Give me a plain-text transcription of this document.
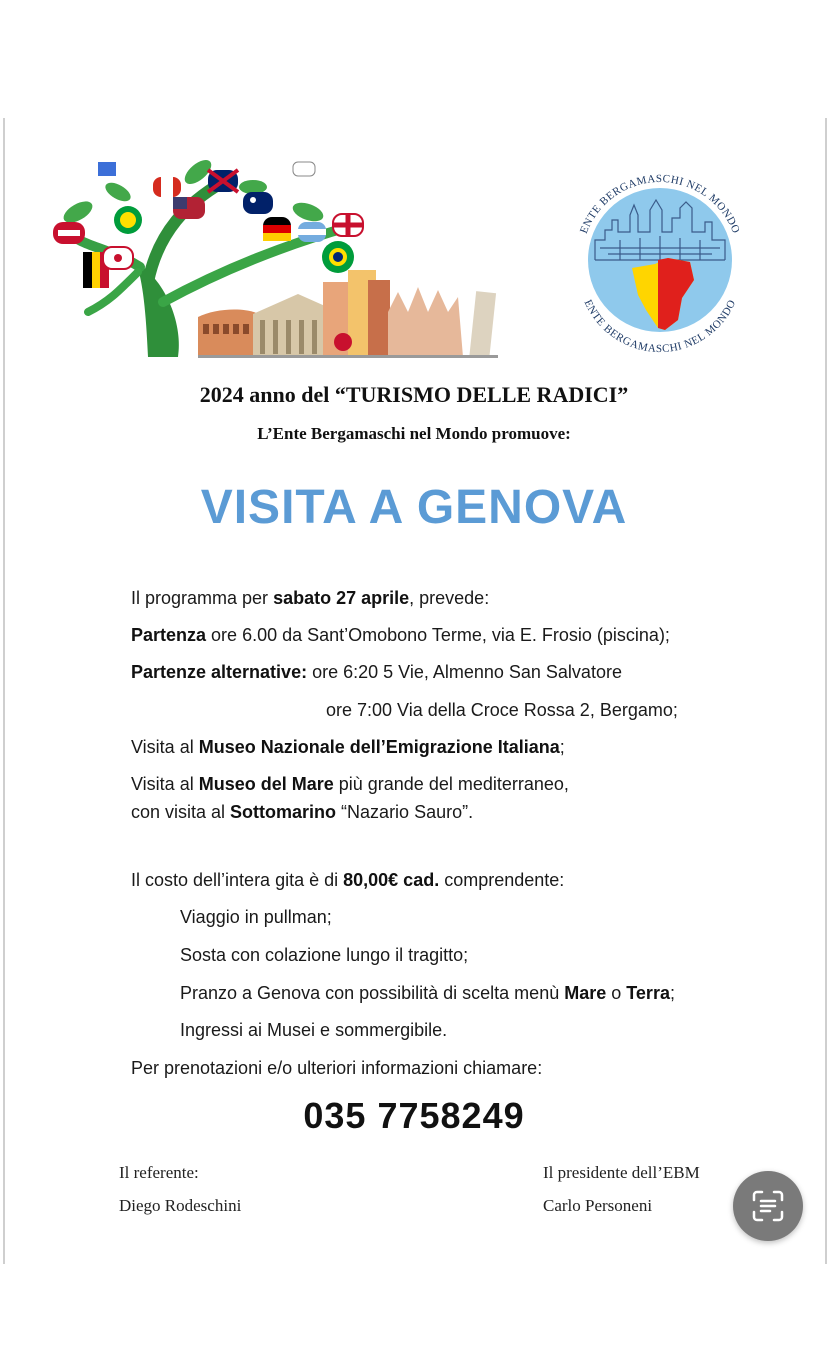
ENTE BERGAMASCHI NEL MONDO
ENTE BERGAMASCHI NEL MONDO
2024 anno del “TURISMO DELLE RADICI”
L’Ente Bergamaschi nel Mondo promuove:
VISITA A GENOVA
Il programma per sabato 27 aprile, prevede:
Partenza ore 6.00 da Sant’Omobono Terme, via E. Frosio (piscina);
Partenze alternative: ore 6:20 5 Vie, Almenno San Salvatore
ore 7:00 Via della Croce Rossa 2, Bergamo;
Visita al Museo Nazionale dell’Emigrazione Italiana;
Visita al Museo del Mare più grande del mediterraneo,
con visita al Sottomarino “Nazario Sauro”.
Il costo dell’intera gita è di 80,00€ cad. comprendente:
Viaggio in pullman;
Sosta con colazione lungo il tragitto;
Pranzo a Genova con possibilità di scelta menù Mare o Terra;
Ingressi ai Musei e sommergibile.
Per prenotazioni e/o ulteriori informazioni chiamare:
035 7758249
Il referente:
Diego Rodeschini
Il presidente dell’EBM
Carlo Personeni
